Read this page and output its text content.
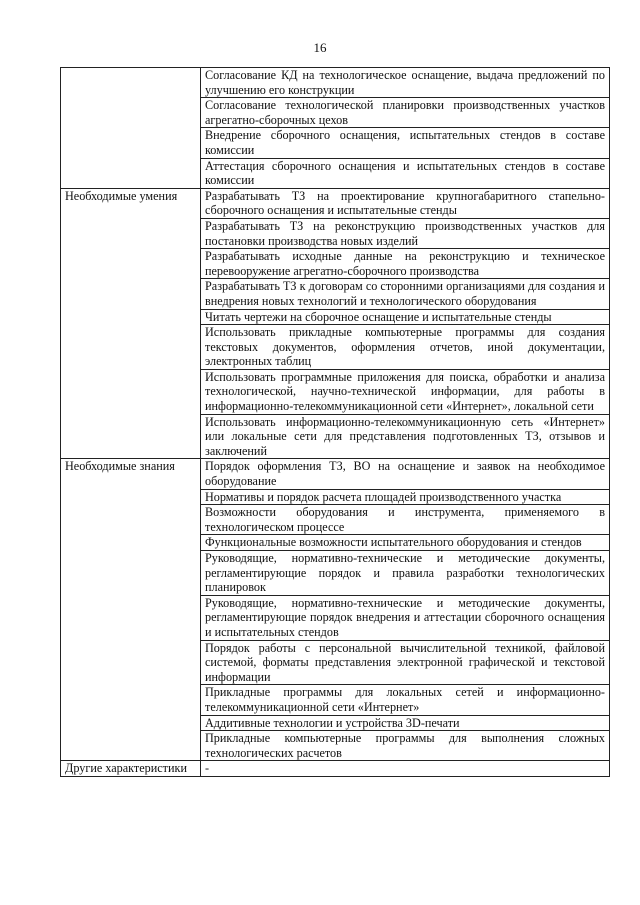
16
	Согласование КД на технологическое оснащение, выдача предложений по улучшению его конструкции
	Согласование технологической планировки производственных участков агрегатно-сборочных цехов
	Внедрение сборочного оснащения, испытательных стендов в составе комиссии
	Аттестация сборочного оснащения и испытательных стендов в составе комиссии
Необходимые умения	Разрабатывать ТЗ на проектирование крупногабаритного стапельно-сборочного оснащения и испытательные стенды
	Разрабатывать ТЗ на реконструкцию производственных участков для постановки производства новых изделий
	Разрабатывать исходные данные на реконструкцию и техническое перевооружение агрегатно-сборочного производства
	Разрабатывать ТЗ к договорам со сторонними организациями для создания и внедрения новых технологий и технологического оборудования
	Читать чертежи на сборочное оснащение и испытательные стенды
	Использовать прикладные компьютерные программы для создания текстовых документов, оформления отчетов, иной документации, электронных таблиц
	Использовать программные приложения для поиска, обработки и анализа технологической, научно-технической информации, для работы в информационно-телекоммуникационной сети «Интернет», локальной сети
	Использовать информационно-телекоммуникационную сеть «Интернет» или локальные сети для представления подготовленных ТЗ, отзывов и заключений
Необходимые знания	Порядок оформления ТЗ, ВО на оснащение и заявок на необходимое оборудование
	Нормативы и порядок расчета площадей производственного участка
	Возможности оборудования и инструмента, применяемого в технологическом процессе
	Функциональные возможности испытательного оборудования и стендов
	Руководящие, нормативно-технические и методические документы, регламентирующие порядок и правила разработки технологических планировок
	Руководящие, нормативно-технические и методические документы, регламентирующие порядок внедрения и аттестации сборочного оснащения и испытательных стендов
	Порядок работы с персональной вычислительной техникой, файловой системой, форматы представления электронной графической и текстовой информации
	Прикладные программы для локальных сетей и информационно-телекоммуникационной сети «Интернет»
	Аддитивные технологии и устройства 3D-печати
	Прикладные компьютерные программы для выполнения сложных технологических расчетов
Другие характеристики	-
